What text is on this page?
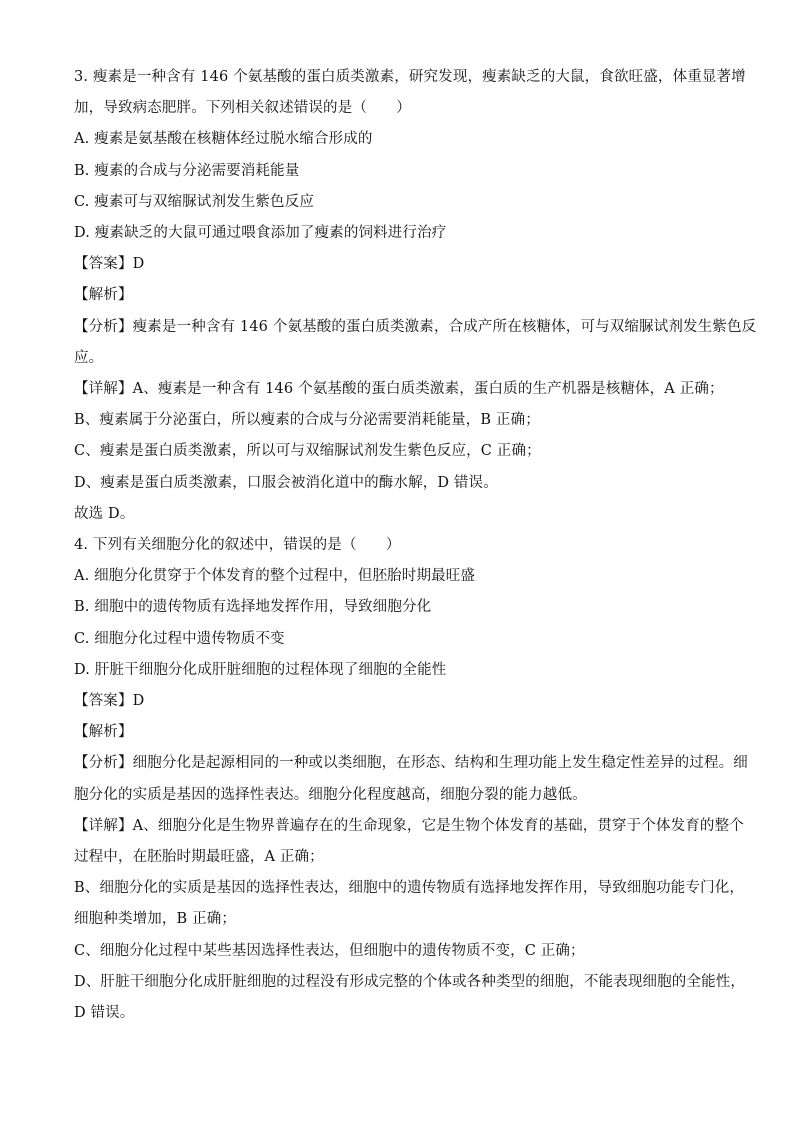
3. 瘦素是一种含有 146 个氨基酸的蛋白质类激素，研究发现，瘦素缺乏的大鼠，食欲旺盛，体重显著增
加，导致病态肥胖。下列相关叙述错误的是（　　）
A. 瘦素是氨基酸在核糖体经过脱水缩合形成的
B. 瘦素的合成与分泌需要消耗能量
C. 瘦素可与双缩脲试剂发生紫色反应
D. 瘦素缺乏的大鼠可通过喂食添加了瘦素的饲料进行治疗
【答案】D
【解析】
【分析】瘦素是一种含有 146 个氨基酸的蛋白质类激素，合成产所在核糖体，可与双缩脲试剂发生紫色反
应。
【详解】A、瘦素是一种含有 146 个氨基酸的蛋白质类激素，蛋白质的生产机器是核糖体，A 正确；
B、瘦素属于分泌蛋白，所以瘦素的合成与分泌需要消耗能量，B 正确；
C、瘦素是蛋白质类激素，所以可与双缩脲试剂发生紫色反应，C 正确；
D、瘦素是蛋白质类激素，口服会被消化道中的酶水解，D 错误。
故选 D。
4. 下列有关细胞分化的叙述中，错误的是（　　）
A. 细胞分化贯穿于个体发育的整个过程中，但胚胎时期最旺盛
B. 细胞中的遗传物质有选择地发挥作用，导致细胞分化
C. 细胞分化过程中遗传物质不变
D. 肝脏干细胞分化成肝脏细胞的过程体现了细胞的全能性
【答案】D
【解析】
【分析】细胞分化是起源相同的一种或以类细胞，在形态、结构和生理功能上发生稳定性差异的过程。细
胞分化的实质是基因的选择性表达。细胞分化程度越高，细胞分裂的能力越低。
【详解】A、细胞分化是生物界普遍存在的生命现象，它是生物个体发育的基础，贯穿于个体发育的整个
过程中，在胚胎时期最旺盛，A 正确；
B、细胞分化的实质是基因的选择性表达，细胞中的遗传物质有选择地发挥作用，导致细胞功能专门化，
细胞种类增加，B 正确；
C、细胞分化过程中某些基因选择性表达，但细胞中的遗传物质不变，C 正确；
D、肝脏干细胞分化成肝脏细胞的过程没有形成完整的个体或各种类型的细胞，不能表现细胞的全能性，
D 错误。
